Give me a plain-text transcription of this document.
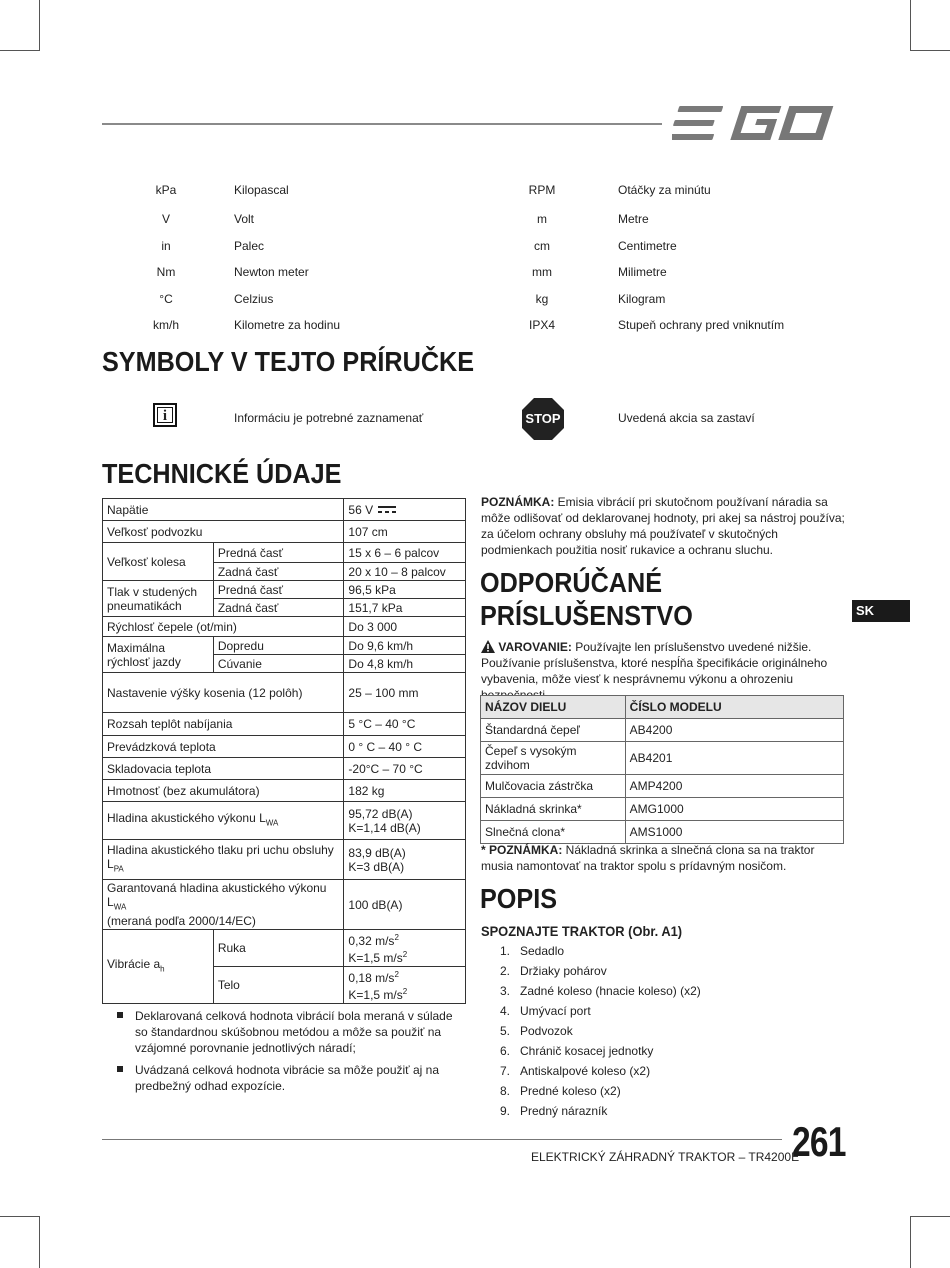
kPa	Kilopascal	RPM	Otáčky za minútu
V	Volt	m	Metre
in	Palec	cm	Centimetre
Nm	Newton meter	mm	Milimetre
°C	Celzius	kg	Kilogram
km/h	Kilometre za hodinu	IPX4	Stupeň ochrany pred vniknutím
SYMBOLY V TEJTO PRÍRUČKE
i	Informáciu je potrebné zaznamenať	STOP	Uvedená akcia sa zastaví
TECHNICKÉ ÚDAJE
Napätie		56 V

Veľkosť podvozku		107 cm
Veľkosť kolesa	Predná časť	15 x 6 – 6 palcov
	Zadná časť	20 x 10 – 8 palcov
Tlak v studených pneumatikách	Predná časť	96,5 kPa
	Zadná časť	151,7 kPa
Rýchlosť čepele (ot/min)		Do 3 000
Maximálna rýchlosť jazdy	Dopredu	Do 9,6 km/h
	Cúvanie	Do 4,8 km/h
Nastavenie výšky kosenia (12 polôh)		25 – 100 mm
Rozsah teplôt nabíjania		5 °C – 40 °C
Prevádzková teplota		0 ° C – 40 ° C
Skladovacia teplota		-20°C – 70 °C
Hmotnosť (bez akumulátora)		182 kg
Hladina akustického výkonu $L_{WA}$		95,72 dB(A)
K=1,14 dB(A)

Hladina akustického tlaku pri uchu obsluhy $L_{PA}$		83,9 dB(A)
K=3 dB(A)

Garantovaná hladina akustického výkonu $L_{WA}$
(meraná podľa 2000/14/EC)		100 dB(A)
Vibrácie $a_h$	Ruka	0,32 $m/s^2$
K=1,5 $m/s^2$

	Telo	0,18 $m/s^2$
K=1,5 $m/s^2$
Deklarovaná celková hodnota vibrácií bola meraná v súlade so štandardnou skúšobnou metódou a môže sa použiť na vzájomné porovnanie jednotlivých náradí;
Uvádzaná celková hodnota vibrácie sa môže použiť aj na predbežný odhad expozície.
POZNÁMKA: Emisia vibrácií pri skutočnom používaní náradia sa môže odlišovať od deklarovanej hodnoty, pri akej sa nástroj používa; za účelom ochrany obsluhy má používateľ v skutočných podmienkach použitia nosiť rukavice a ochranu sluchu.
ODPORÚČANÉ
PRÍSLUŠENSTVO	SK
VAROVANIE: Používajte len príslušenstvo uvedené nižšie. Používanie príslušenstva, ktoré nespĺňa špecifikácie originálneho vybavenia, môže viesť k nesprávnemu výkonu a ohrozeniu
NÁZOV DIELU	ČÍSLO MODELU
Štandardná čepeľ	AB4200
Čepeľ s vysokým zdvihom	AB4201
Mulčovacia zástrčka	AMP4200
Nákladná skrinka*	AMG1000
Slnečná clona*	AMS1000
* POZNÁMKA: Nákladná skrinka a slnečná clona sa na traktor musia namontovať na traktor spolu s prídavným nosičom.
POPIS
SPOZNAJTE TRAKTOR (Obr. A1)
1. Sedadlo
2. Držiaky pohárov
3. Zadné koleso (hnacie koleso) (x2)
4. Umývací port
5. Podvozok
6. Chránič kosacej jednotky
7. Antiskalpové koleso (x2)
8. Predné koleso (x2)
9. Predný nárazník
ELEKTRICKÝ ZÁHRADNÝ TRAKTOR – TR4200E
261
